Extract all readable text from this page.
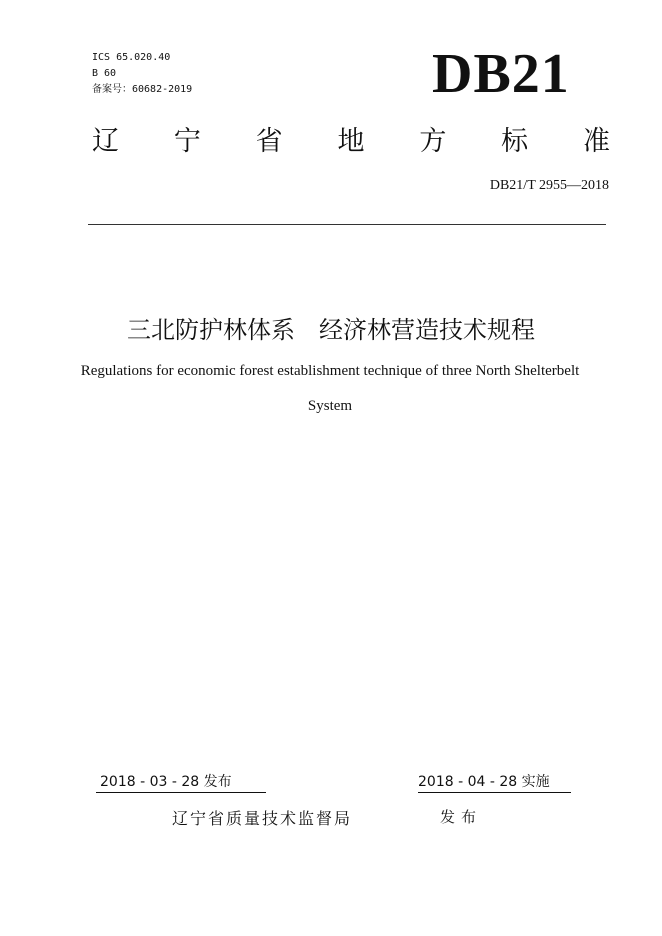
ICS 65.020.40
B 60
备案号：60682-2019	DB21
辽 宁 省 地 方 标 准
DB21/T 2955—2018
三北防护林体系　经济林营造技术规程
Regulations for economic forest establishment technique of three North Shelterbelt System
2018 - 03 - 28 发布	2018 - 04 - 28 实施
辽宁省质量技术监督局	发布
